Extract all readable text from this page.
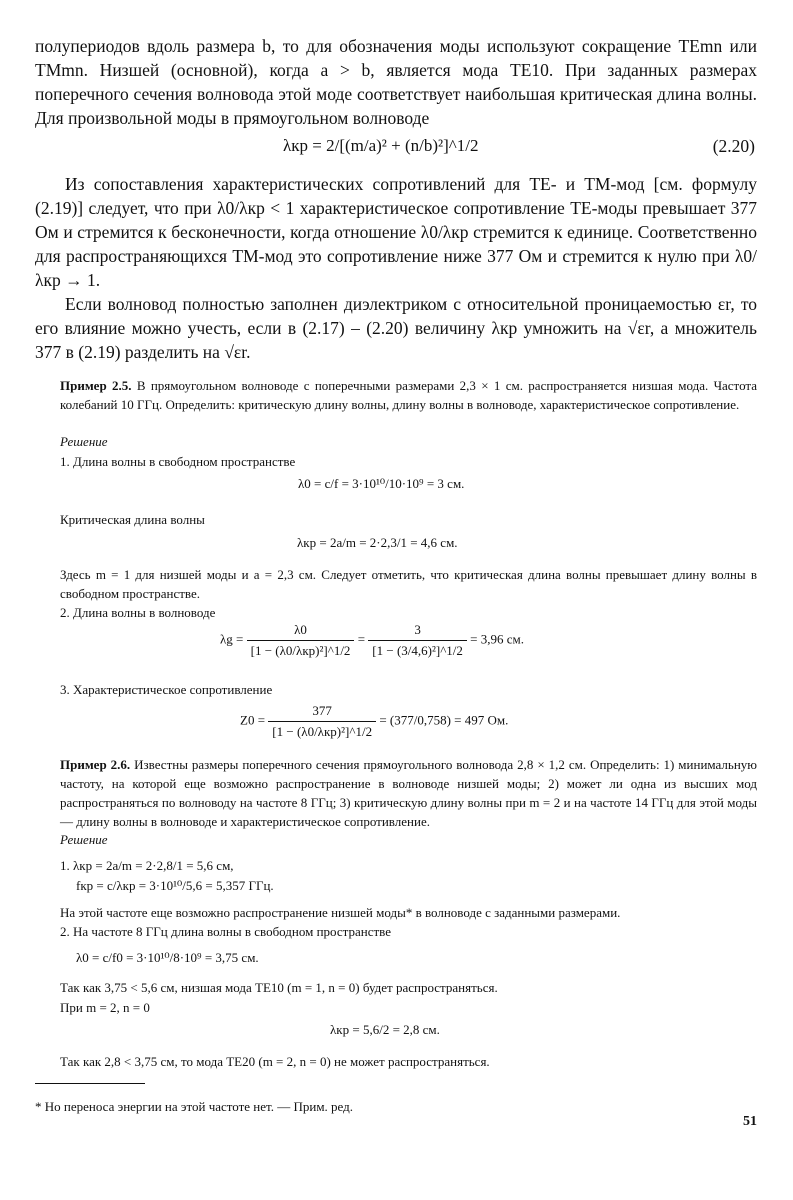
полупериодов вдоль размера b, то для обозначения моды используют сокращение TEmn или TMmn. Низшей (основной), когда a > b, является мода TE10. При заданных размерах поперечного сечения волновода этой моде соответствует наибольшая критическая длина волны. Для произвольной моды в прямоугольном волноводе

λкр = 2/[(m/a)² + (n/b)²]^1/2	(2.20)

Из сопоставления характеристических сопротивлений для TE- и TM-мод [см. формулу (2.19)] следует, что при λ0/λкр < 1 характеристическое сопротивление TE-моды превышает 377 Ом и стремится к бесконечности, когда отношение λ0/λкр стремится к единице. Соответственно для распространяющихся TM-мод это сопротивление ниже 377 Ом и стремится к нулю при λ0/λкр → 1.

Если волновод полностью заполнен диэлектриком с относительной проницаемостью εr, то его влияние можно учесть, если в (2.17) – (2.20) величину λкр умножить на √εr, а множитель 377 в (2.19) разделить на √εr.

Пример 2.5. В прямоугольном волноводе с поперечными размерами 2,3 × 1 см. распространяется низшая мода. Частота колебаний 10 ГГц. Определить: критическую длину волны, длину волны в волноводе, характеристическое сопротивление.

Решение
1. Длина волны в свободном пространстве
λ0 = c/f = 3·10¹⁰/10·10⁹ = 3 см.
Критическая длина волны
λкр = 2a/m = 2·2,3/1 = 4,6 см.

Здесь m = 1 для низшей моды и a = 2,3 см. Следует отметить, что критическая длина волны превышает длину волны в свободном пространстве.

2. Длина волны в волноводе
$\lambda g = \frac{\lambda 0}{\text{[1 − (λ0/λкр)²]\textasciicircum{}1/2}} = \frac{3}{\text{[1 − (3/4,6)²]\textasciicircum{}1/2}} = 3,96$ см.
3. Характеристическое сопротивление
$Z0 = \frac{377}{\text{[1 − (λ0/λкр)²]\textasciicircum{}1/2}} = (377/0,758) = 497$ Ом.

Пример 2.6. Известны размеры поперечного сечения прямоугольного волновода 2,8 × 1,2 см. Определить: 1) минимальную частоту, на которой еще возможно распространение в волноводе низшей моды; 2) может ли одна из высших мод распространяться по волноводу на частоте 8 ГГц; 3) критическую длину волны при m = 2 и на частоте 14 ГГц для этой моды — длину волны в волноводе и характеристическое сопротивление.

Решение
1. λкр = 2a/m = 2·2,8/1 = 5,6 см,
fкр = c/λкр = 3·10¹⁰/5,6 = 5,357 ГГц.

На этой частоте еще возможно распространение низшей моды* в волноводе с заданными размерами.

2. На частоте 8 ГГц длина волны в свободном пространстве
λ0 = c/f0 = 3·10¹⁰/8·10⁹ = 3,75 см.
Так как 3,75 < 5,6 см, низшая мода TE10 (m = 1, n = 0) будет распространяться.
При m = 2, n = 0
λкр = 5,6/2 = 2,8 см.
Так как 2,8 < 3,75 см, то мода TE20 (m = 2, n = 0) не может распространяться.
* Но переноса энергии на этой частоте нет. — Прим. ред.
51
